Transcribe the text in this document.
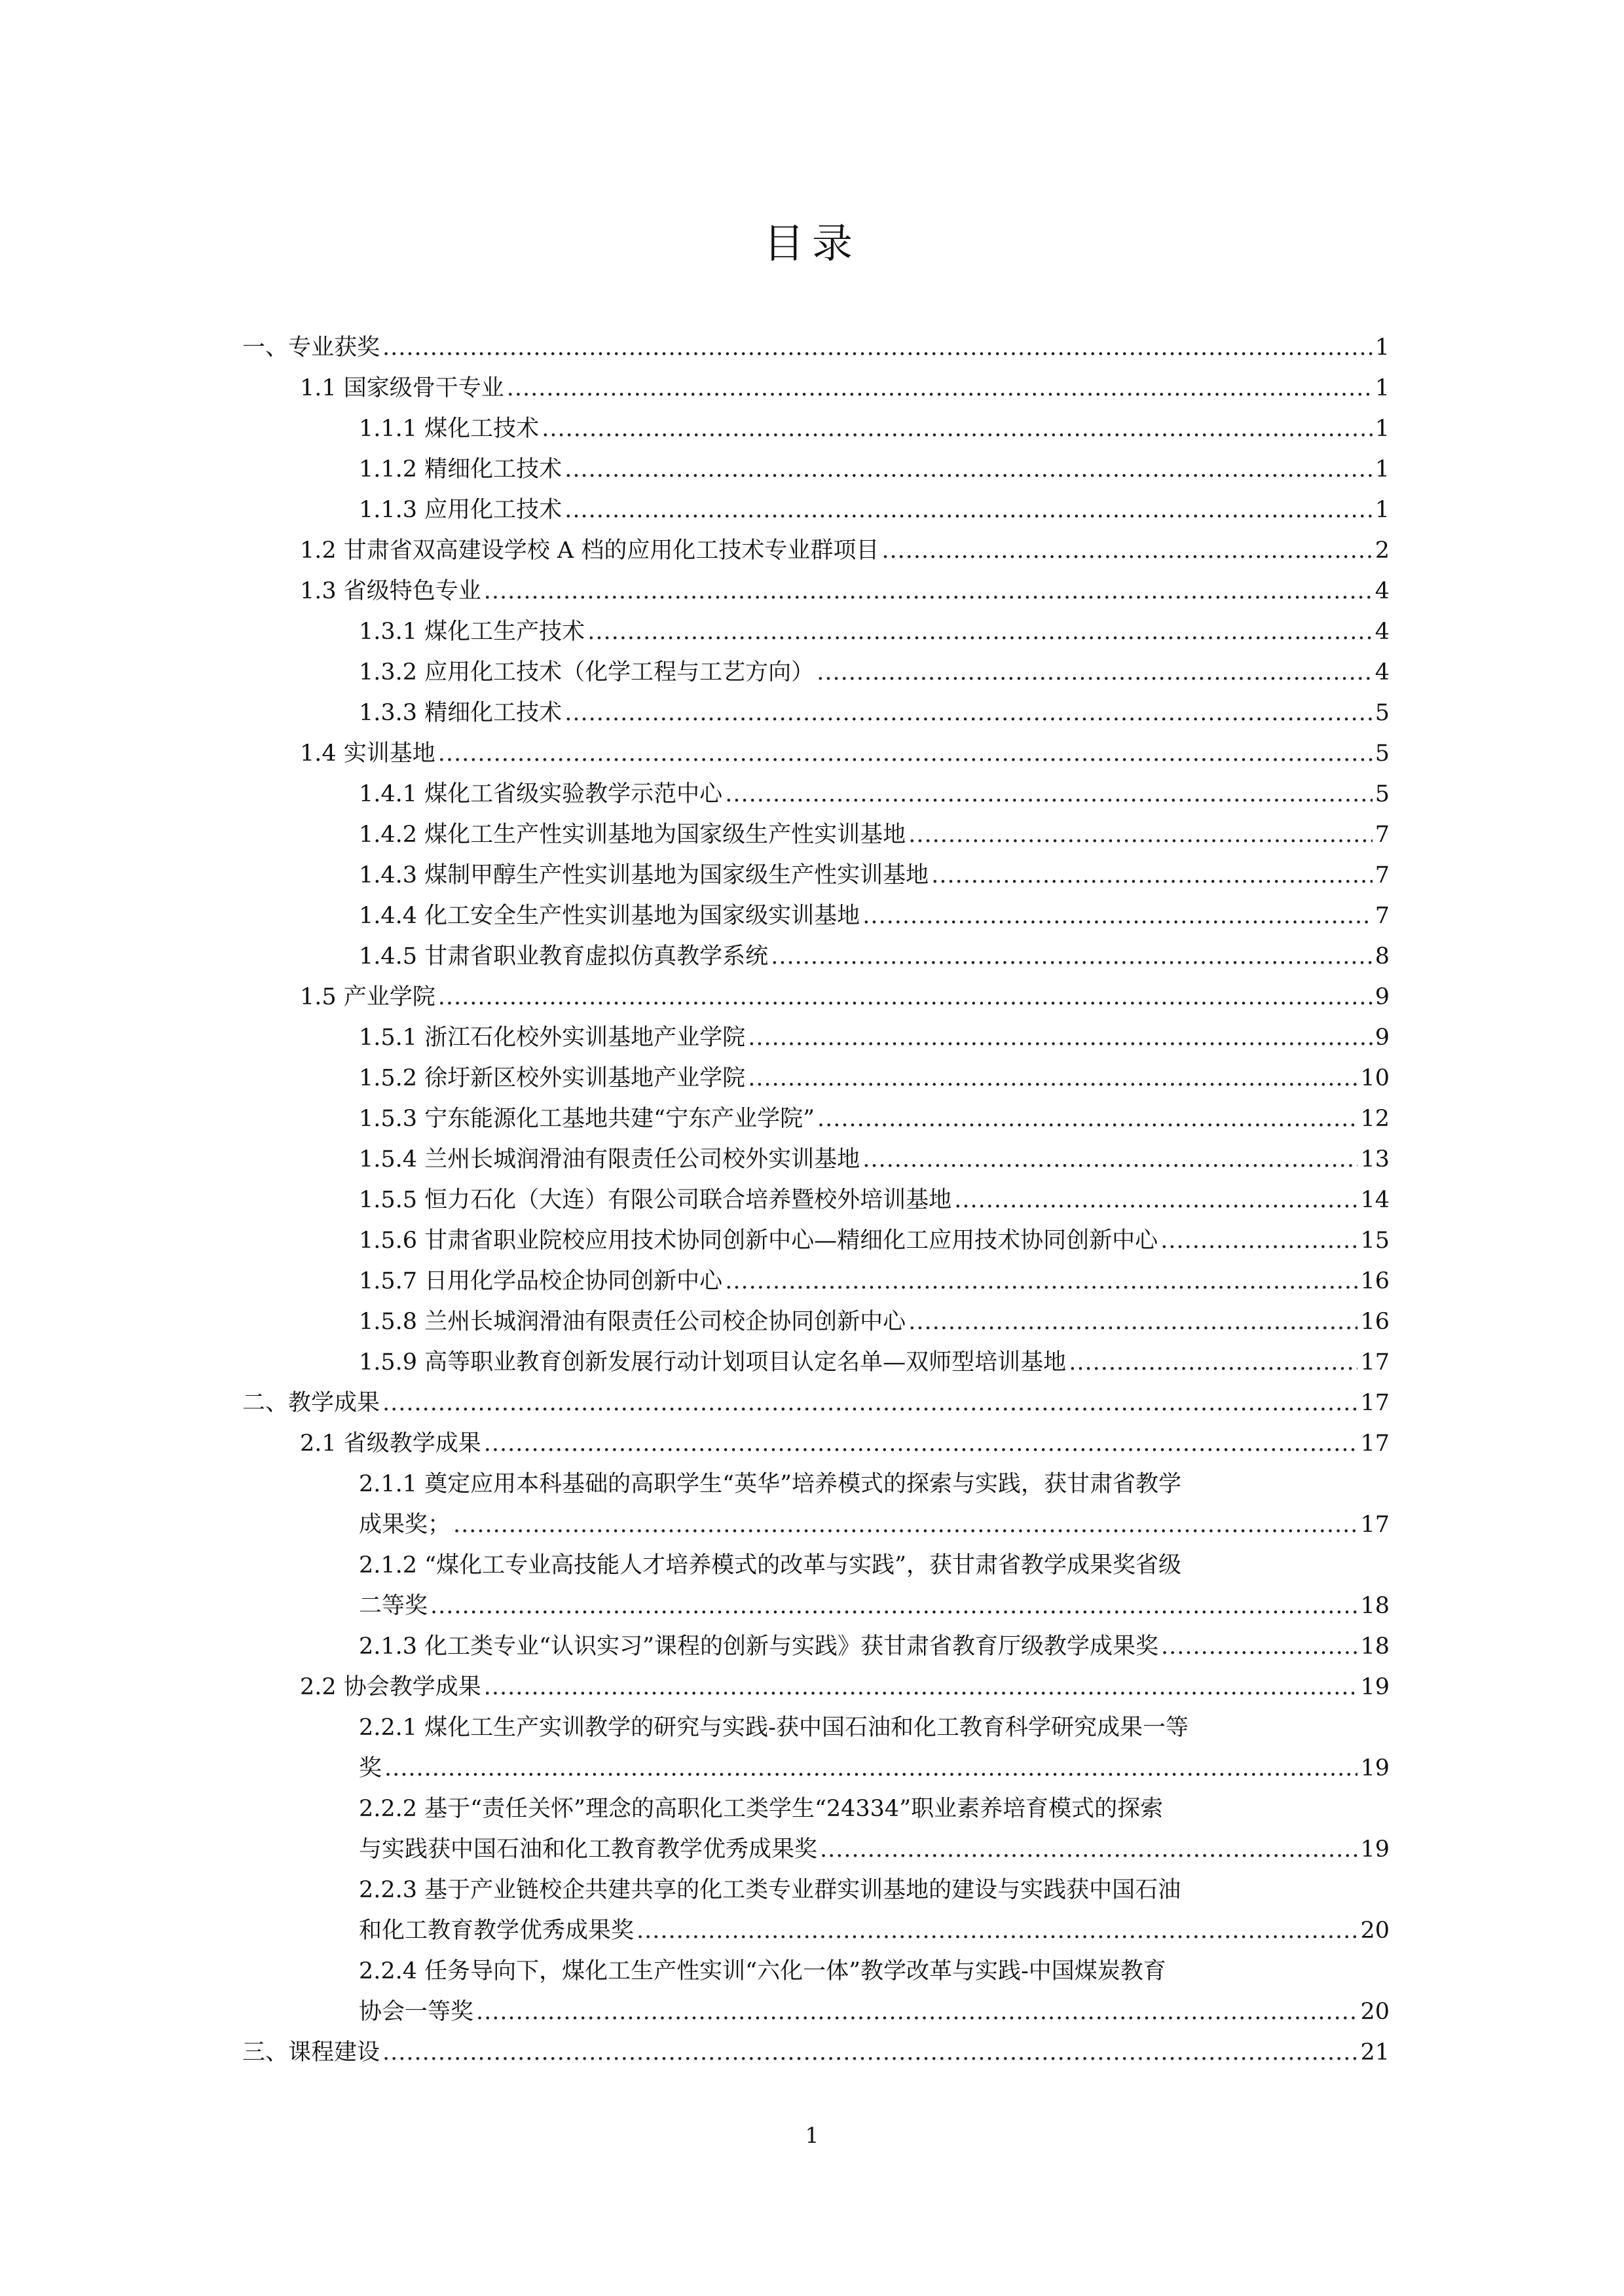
目录
一、专业获奖 .....	1
1.1 国家级骨干专业 .....	1
1.1.1 煤化工技术 .....	1
1.1.2 精细化工技术 .....	1
1.1.3 应用化工技术 .....	1
1.2 甘肃省双高建设学校 A 档的应用化工技术专业群项目 .....	2
1.3 省级特色专业 .....	4
1.3.1 煤化工生产技术 .....	4
1.3.2 应用化工技术（化学工程与工艺方向） .....	4
1.3.3 精细化工技术 .....	5
1.4 实训基地 .....	5
1.4.1 煤化工省级实验教学示范中心 .....	5
1.4.2 煤化工生产性实训基地为国家级生产性实训基地 .....	7
1.4.3 煤制甲醇生产性实训基地为国家级生产性实训基地 .....	7
1.4.4 化工安全生产性实训基地为国家级实训基地 .....	7
1.4.5 甘肃省职业教育虚拟仿真教学系统 .....	8
1.5 产业学院 .....	9
1.5.1 浙江石化校外实训基地产业学院 .....	9
1.5.2 徐圩新区校外实训基地产业学院 .....	10
1.5.3 宁东能源化工基地共建“宁东产业学院” .....	12
1.5.4 兰州长城润滑油有限责任公司校外实训基地 .....	13
1.5.5 恒力石化（大连）有限公司联合培养暨校外培训基地 .....	14
1.5.6 甘肃省职业院校应用技术协同创新中心—精细化工应用技术协同创新中心 .....	15
1.5.7 日用化学品校企协同创新中心 .....	16
1.5.8 兰州长城润滑油有限责任公司校企协同创新中心 .....	16
1.5.9 高等职业教育创新发展行动计划项目认定名单—双师型培训基地 .....	17
二、教学成果 .....	17
2.1 省级教学成果 .....	17
2.1.1 奠定应用本科基础的高职学生“英华”培养模式的探索与实践，获甘肃省教学
成果奖； .....	17
2.1.2 “煤化工专业高技能人才培养模式的改革与实践”，获甘肃省教学成果奖省级
二等奖 .....	18
2.1.3 化工类专业“认识实习”课程的创新与实践》获甘肃省教育厅级教学成果奖 .....	18
2.2 协会教学成果 .....	19
2.2.1 煤化工生产实训教学的研究与实践-获中国石油和化工教育科学研究成果一等
奖 .....	19
2.2.2 基于“责任关怀”理念的高职化工类学生“24334”职业素养培育模式的探索
与实践获中国石油和化工教育教学优秀成果奖 .....	19
2.2.3 基于产业链校企共建共享的化工类专业群实训基地的建设与实践获中国石油
和化工教育教学优秀成果奖 .....	20
2.2.4 任务导向下，煤化工生产性实训“六化一体”教学改革与实践-中国煤炭教育
协会一等奖 .....	20
三、课程建设 .....	21
1
